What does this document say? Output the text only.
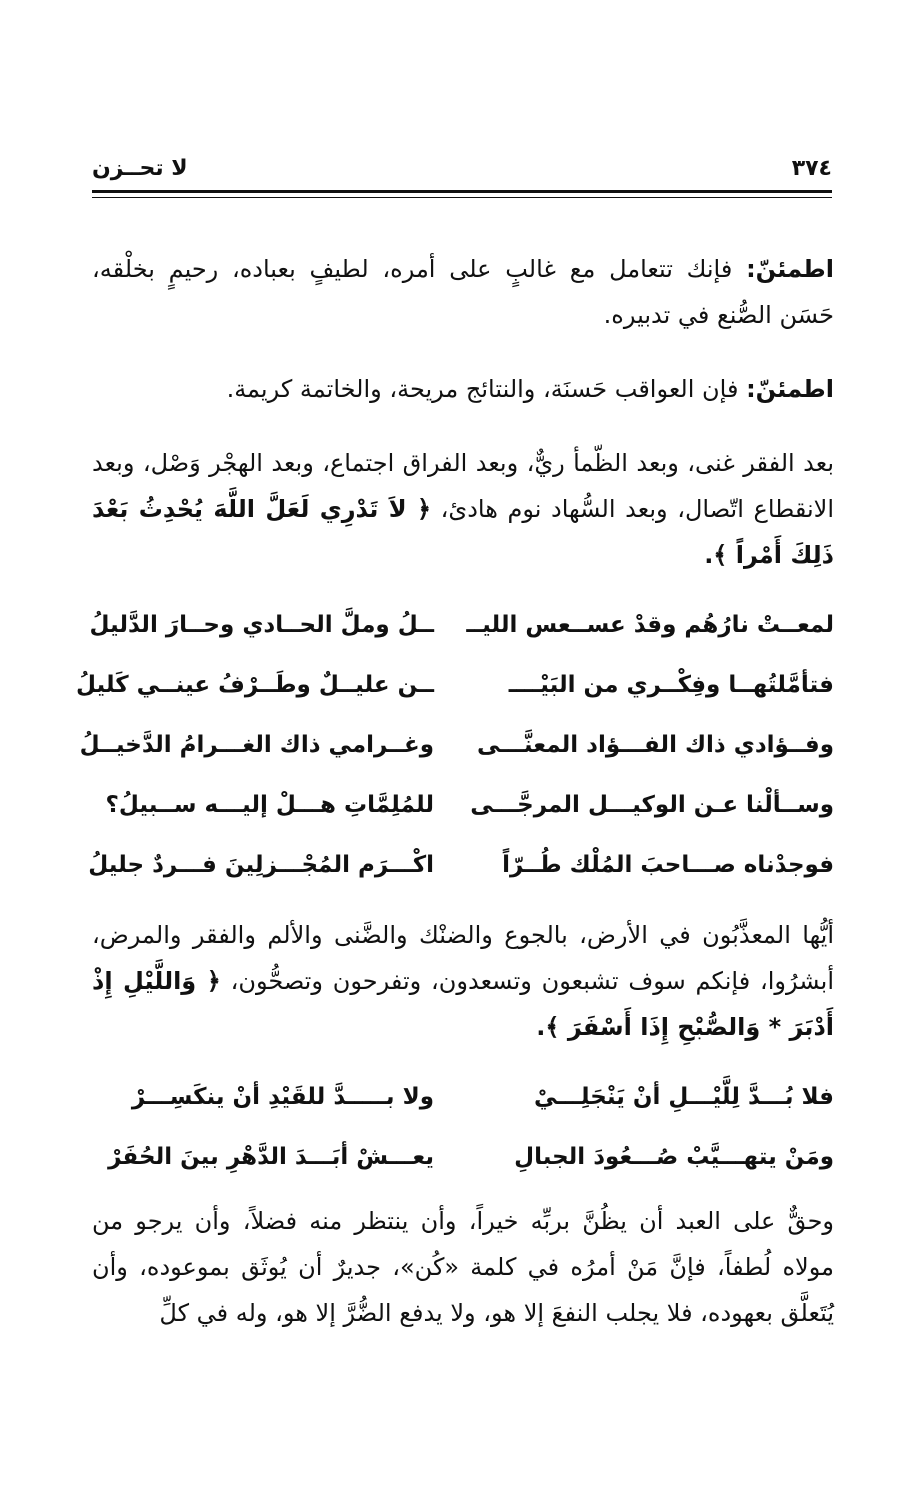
٣٧٤
لا تحــزن

اطمئنّ: فإنك تتعامل مع غالبٍ على أمره، لطيفٍ بعباده، رحيمٍ بخلْقه، حَسَن الصُّنع في تدبيره.

اطمئنّ: فإن العواقب حَسنَة، والنتائج مريحة، والخاتمة كريمة.

بعد الفقر غنى، وبعد الظّمأ ريٌّ، وبعد الفراق اجتماع، وبعد الهجْر وَصْل، وبعد الانقطاع اتّصال، وبعد السُّهاد نوم هادئ، ﴿ لاَ تَدْرِي لَعَلَّ اللَّهَ يُحْدِثُ بَعْدَ ذَلِكَ أَمْراً ﴾.

لمعــتْ نارُهُم وقدْ عســعس الليــ
ــلُ وملَّ الحــادي وحــارَ الدَّليلُ
فتأمَّلتُهــا وفِكْــري من البَيْــــ
ــن عليــلٌ وطَــرْفُ عينــي كَليلُ
وفــؤادي ذاك الفـــؤاد المعنَّـــى
وغــرامي ذاك الغـــرامُ الدَّخيــلُ
وســألْنا عـن الوكيـــل المرجَّـــى
للمُلِمَّاتِ هـــلْ إليـــه ســبيلُ؟
فوجدْناه صـــاحبَ المُلْك طُــرّاً
اكْـــرَم المُجْـــزلِينَ فـــردٌ جليلُ

أيُّها المعذَّبُون في الأرض، بالجوع والضنْك والضَّنى والألم والفقر والمرض، أبشرُوا، فإنكم سوف تشبعون وتسعدون، وتفرحون وتصحُّون، ﴿ وَاللَّيْلِ إِذْ أَدْبَرَ * وَالصُّبْحِ إِذَا أَسْفَرَ ﴾.

فلا بُـــدَّ لِلَّيْـــلِ أنْ يَنْجَلِـــيْ
ولا بـــــدَّ للقَيْدِ أنْ ينكَسِـــرْ
ومَنْ يتهـــيَّبْ صُـــعُودَ الجبالِ
يعـــشْ أبَـــدَ الدَّهْرِ بينَ الحُفَرْ

وحقٌّ على العبد أن يظُنَّ بربِّه خيراً، وأن ينتظر منه فضلاً، وأن يرجو من مولاه لُطفاً، فإنَّ مَنْ أمرُه في كلمة «كُن»، جديرٌ أن يُوثَق بموعوده، وأن يُتَعلَّق بعهوده، فلا يجلب النفعَ إلا هو، ولا يدفع الضُّرَّ إلا هو، وله في كلِّ
